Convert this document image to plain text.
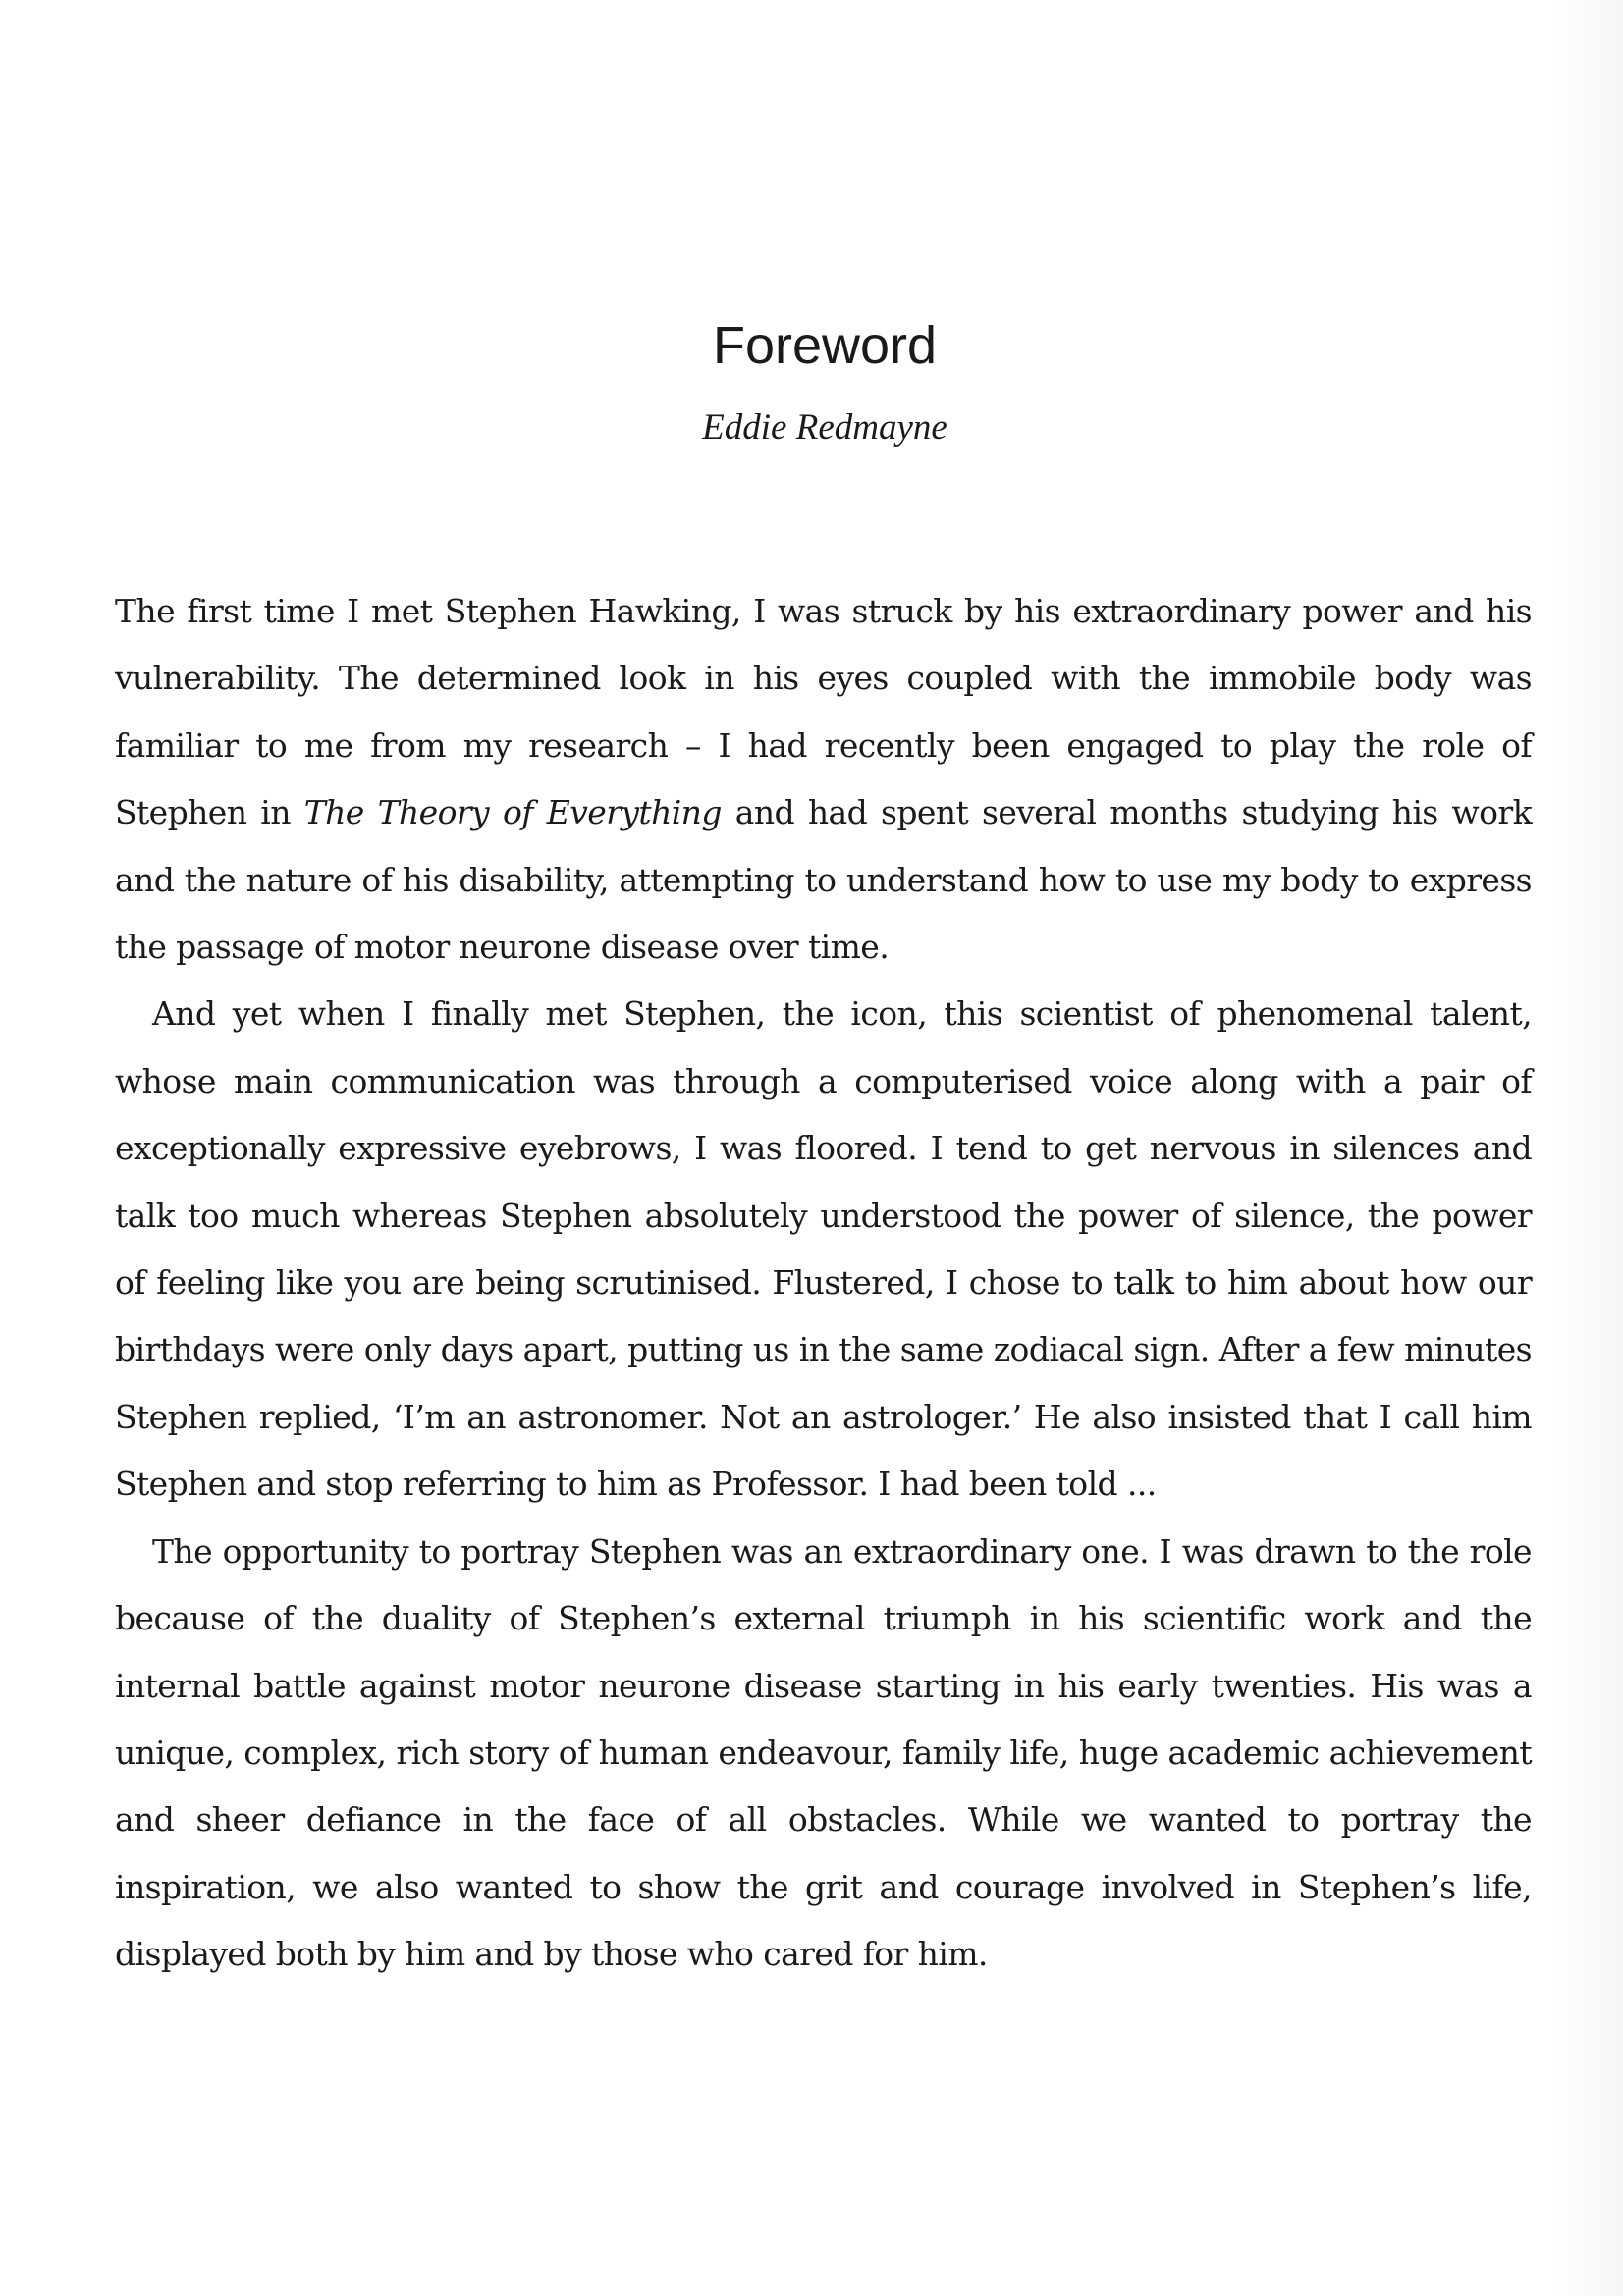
Foreword
Eddie Redmayne

The first time I met Stephen Hawking, I was struck by his extraordinary power and his vulnerability. The determined look in his eyes coupled with the immobile body was familiar to me from my research – I had recently been engaged to play the role of Stephen in The Theory of Everything and had spent several months studying his work and the nature of his disability, attempting to understand how to use my body to express the passage of motor neurone disease over time.

And yet when I finally met Stephen, the icon, this scientist of phenomenal talent, whose main communication was through a computerised voice along with a pair of exceptionally expressive eyebrows, I was floored. I tend to get nervous in silences and talk too much whereas Stephen absolutely understood the power of silence, the power of feeling like you are being scrutinised. Flustered, I chose to talk to him about how our birthdays were only days apart, putting us in the same zodiacal sign. After a few minutes Stephen replied, ‘I’m an astronomer. Not an astrologer.’ He also insisted that I call him Stephen and stop referring to him as Professor. I had been told ...

The opportunity to portray Stephen was an extraordinary one. I was drawn to the role because of the duality of Stephen’s external triumph in his scientific work and the internal battle against motor neurone disease starting in his early twenties. His was a unique, complex, rich story of human endeavour, family life, huge academic achievement and sheer defiance in the face of all obstacles. While we wanted to portray the inspiration, we also wanted to show the grit and courage involved in Stephen’s life, displayed both by him and by those who cared for him.
